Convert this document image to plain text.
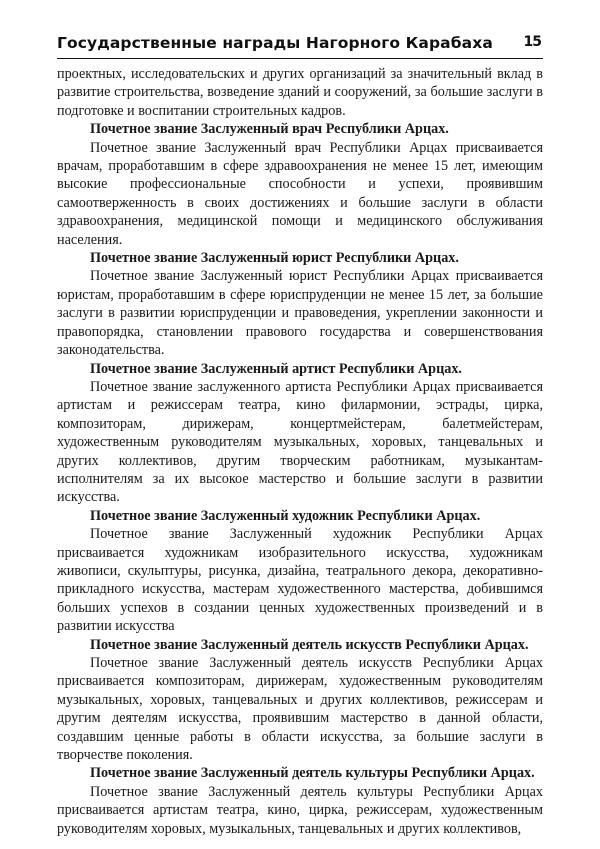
Государственные награды Нагорного Карабаха 15

проектных, исследовательских и других организаций за значительный вклад в развитие строительства, возведение зданий и сооружений, за большие заслуги в подготовке и воспитании строительных кадров.

Почетное звание Заслуженный врач Республики Арцах.

Почетное звание Заслуженный врач Республики Арцах присваивается врачам, проработавшим в сфере здравоохранения не менее 15 лет, имеющим высокие профессиональные способности и успехи, проявившим самоотверженность в своих достижениях и большие заслуги в области здравоохранения, медицинской помощи и медицинского обслуживания населения.

Почетное звание Заслуженный юрист Республики Арцах.

Почетное звание Заслуженный юрист Республики Арцах присваивается юристам, проработавшим в сфере юриспруденции не менее 15 лет, за большие заслуги в развитии юриспруденции и правоведения, укреплении законности и правопорядка, становлении правового государства и совершенствования законодательства.

Почетное звание Заслуженный артист Республики Арцах.

Почетное звание заслуженного артиста Республики Арцах присваивается артистам и режиссерам театра, кино филармонии, эстрады, цирка, композиторам, дирижерам, концертмейстерам, балетмейстерам, художественным руководителям музыкальных, хоровых, танцевальных и других коллективов, другим творческим работникам, музыкантам-исполнителям за их высокое мастерство и большие заслуги в развитии искусства.

Почетное звание Заслуженный художник Республики Арцах.

Почетное звание Заслуженный художник Республики Арцах присваивается художникам изобразительного искусства, художникам живописи, скульптуры, рисунка, дизайна, театрального декора, декоративно-прикладного искусства, мастерам художественного мастерства, добившимся больших успехов в создании ценных художественных произведений и в развитии искусства

Почетное звание Заслуженный деятель искусств Республики Арцах.

Почетное звание Заслуженный деятель искусств Республики Арцах присваивается композиторам, дирижерам, художественным руководителям музыкальных, хоровых, танцевальных и других коллективов, режиссерам и другим деятелям искусства, проявившим мастерство в данной области, создавшим ценные работы в области искусства, за большие заслуги в творчестве поколения.

Почетное звание Заслуженный деятель культуры Республики Арцах.

Почетное звание Заслуженный деятель культуры Республики Арцах присваивается артистам театра, кино, цирка, режиссерам, художественным руководителям хоровых, музыкальных, танцевальных и других коллективов,
